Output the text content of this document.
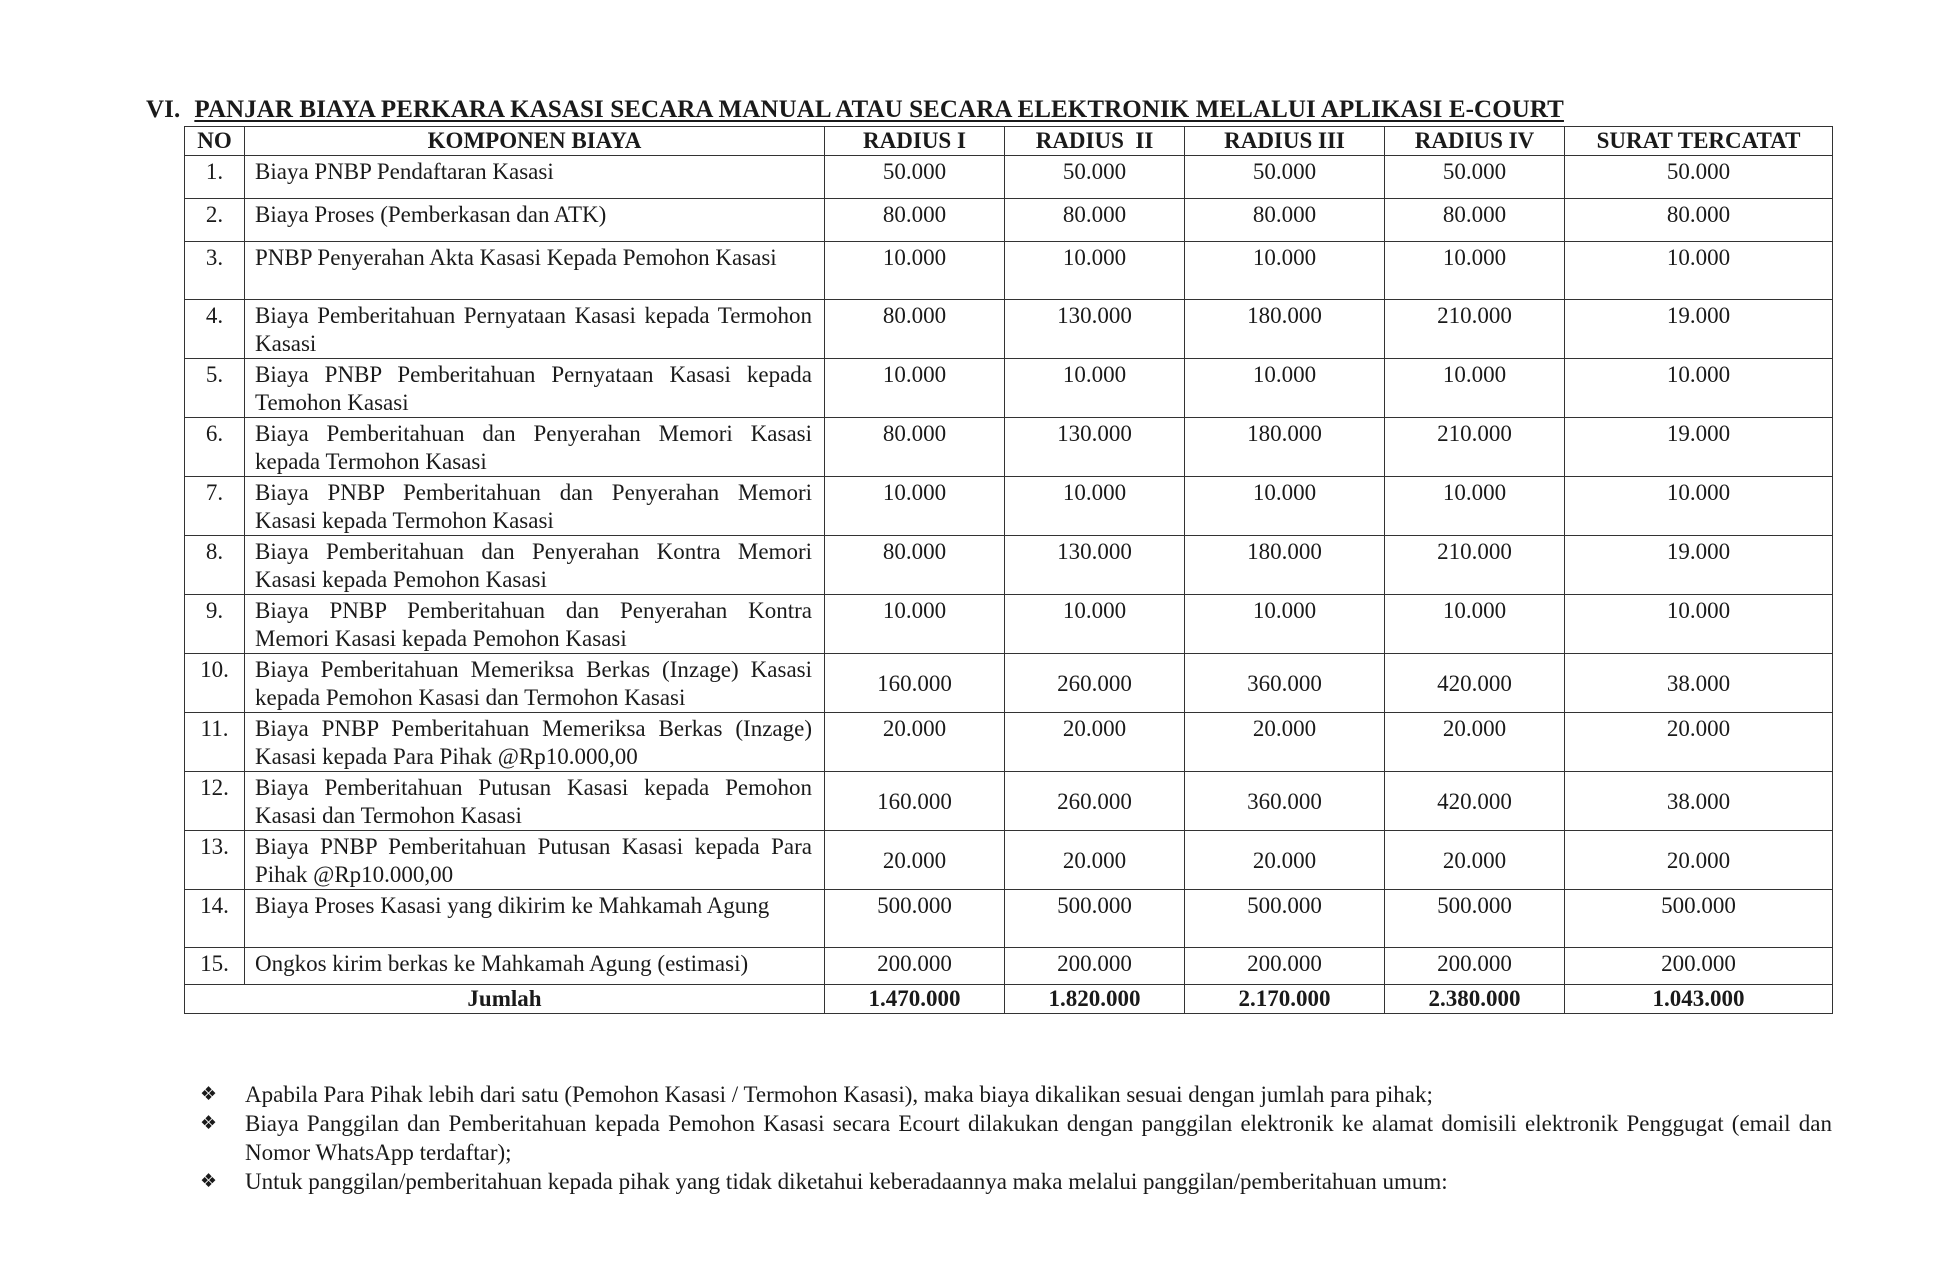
VI. PANJAR BIAYA PERKARA KASASI SECARA MANUAL ATAU SECARA ELEKTRONIK MELALUI APLIKASI E-COURT
NO	KOMPONEN BIAYA	RADIUS I	RADIUS  II	RADIUS III	RADIUS IV	SURAT TERCATAT
1.	Biaya PNBP Pendaftaran Kasasi	50.000	50.000	50.000	50.000	50.000
2.	Biaya Proses (Pemberkasan dan ATK)	80.000	80.000	80.000	80.000	80.000
3.	PNBP Penyerahan Akta Kasasi Kepada Pemohon Kasasi	10.000	10.000	10.000	10.000	10.000
4.	Biaya Pemberitahuan Pernyataan Kasasi kepada Termohon Kasasi	80.000	130.000	180.000	210.000	19.000
5.	Biaya PNBP Pemberitahuan Pernyataan Kasasi kepada Temohon Kasasi	10.000	10.000	10.000	10.000	10.000
6.	Biaya Pemberitahuan dan Penyerahan Memori Kasasi kepada Termohon Kasasi	80.000	130.000	180.000	210.000	19.000
7.	Biaya PNBP Pemberitahuan dan Penyerahan Memori Kasasi kepada Termohon Kasasi	10.000	10.000	10.000	10.000	10.000
8.	Biaya Pemberitahuan dan Penyerahan Kontra Memori Kasasi kepada Pemohon Kasasi	80.000	130.000	180.000	210.000	19.000
9.	Biaya PNBP Pemberitahuan dan Penyerahan Kontra Memori Kasasi kepada Pemohon Kasasi	10.000	10.000	10.000	10.000	10.000
10.	Biaya Pemberitahuan Memeriksa Berkas (Inzage) Kasasi kepada Pemohon Kasasi dan Termohon Kasasi	160.000	260.000	360.000	420.000	38.000
11.	Biaya PNBP Pemberitahuan Memeriksa Berkas (Inzage) Kasasi kepada Para Pihak @Rp10.000,00	20.000	20.000	20.000	20.000	20.000
12.	Biaya Pemberitahuan Putusan Kasasi kepada Pemohon Kasasi dan Termohon Kasasi	160.000	260.000	360.000	420.000	38.000
13.	Biaya PNBP Pemberitahuan Putusan Kasasi kepada Para Pihak @Rp10.000,00	20.000	20.000	20.000	20.000	20.000
14.	Biaya Proses Kasasi yang dikirim ke Mahkamah Agung	500.000	500.000	500.000	500.000	500.000
15.	Ongkos kirim berkas ke Mahkamah Agung (estimasi)	200.000	200.000	200.000	200.000	200.000
Jumlah		1.470.000	1.820.000	2.170.000	2.380.000	1.043.000
❖ Apabila Para Pihak lebih dari satu (Pemohon Kasasi / Termohon Kasasi), maka biaya dikalikan sesuai dengan jumlah para pihak;
❖ Biaya Panggilan dan Pemberitahuan kepada Pemohon Kasasi secara Ecourt dilakukan dengan panggilan elektronik ke alamat domisili elektronik Penggugat (email dan Nomor WhatsApp terdaftar);
❖ Untuk panggilan/pemberitahuan kepada pihak yang tidak diketahui keberadaannya maka melalui panggilan/pemberitahuan umum:
